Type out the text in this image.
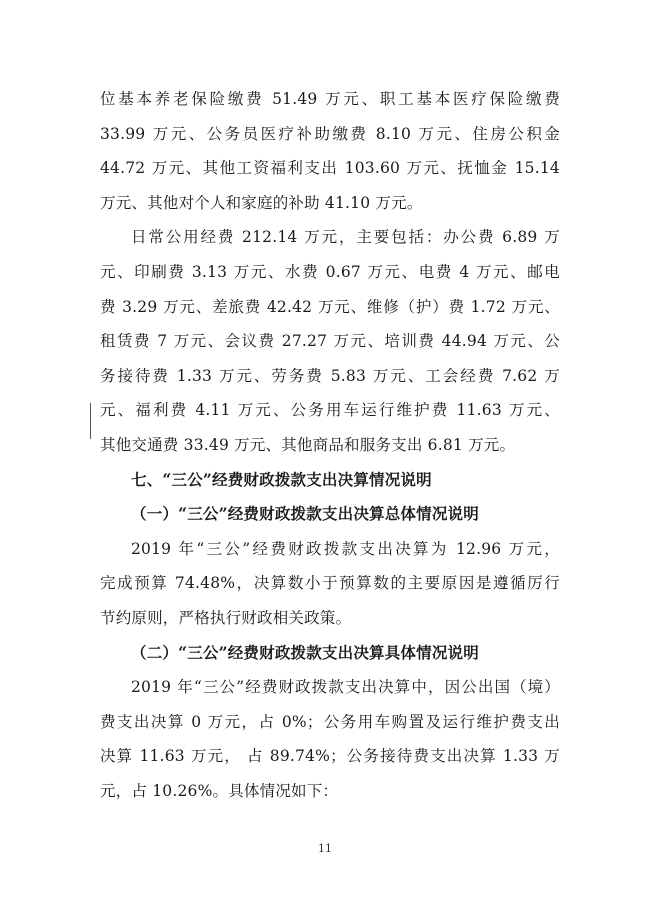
位基本养老保险缴费 51.49 万元、职工基本医疗保险缴费
33.99 万元、公务员医疗补助缴费 8.10 万元、住房公积金
44.72 万元、其他工资福利支出 103.60 万元、抚恤金 15.14
万元、其他对个人和家庭的补助 41.10 万元。
日常公用经费 212.14 万元，主要包括：办公费 6.89 万
元、印刷费 3.13 万元、水费 0.67 万元、电费 4 万元、邮电
费 3.29 万元、差旅费 42.42 万元、维修（护）费 1.72 万元、
租赁费 7 万元、会议费 27.27 万元、培训费 44.94 万元、公
务接待费 1.33 万元、劳务费 5.83 万元、工会经费 7.62 万
元、福利费 4.11 万元、公务用车运行维护费 11.63 万元、
其他交通费 33.49 万元、其他商品和服务支出 6.81 万元。
七、“三公”经费财政拨款支出决算情况说明
（一）“三公”经费财政拨款支出决算总体情况说明
2019 年“三公”经费财政拨款支出决算为 12.96 万元，
完成预算 74.48%，决算数小于预算数的主要原因是遵循厉行
节约原则，严格执行财政相关政策。
（二）“三公”经费财政拨款支出决算具体情况说明
2019 年“三公”经费财政拨款支出决算中，因公出国（境）
费支出决算 0 万元，占 0%；公务用车购置及运行维护费支出
决算 11.63 万元， 占 89.74%；公务接待费支出决算 1.33 万
元，占 10.26%。具体情况如下：
11
